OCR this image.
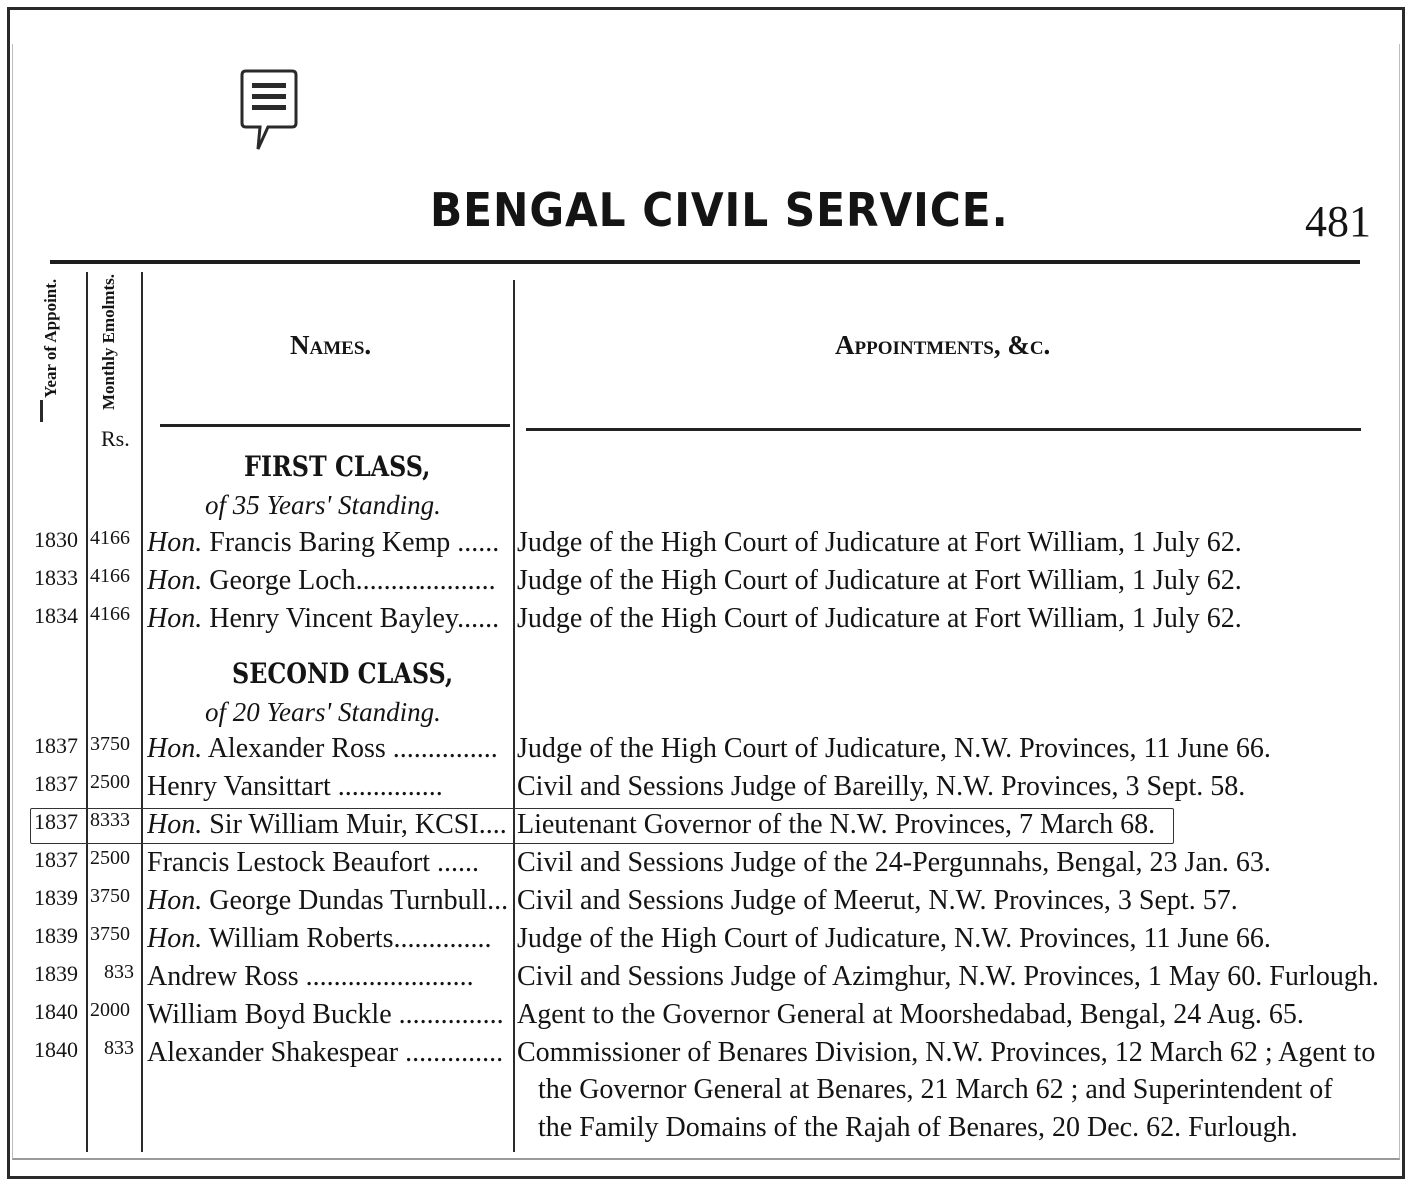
BENGAL CIVIL SERVICE.	481
Year of Appoint. Monthly Emolmts.
Rs.
Names.	Appointments, &c.
FIRST CLASS,
of 35 Years' Standing.
SECOND CLASS,
of 20 Years' Standing.
1830 4166 Hon. Francis Baring Kemp ...... Judge of the High Court of Judicature at Fort William, 1 July 62.
1833 4166 Hon. George Loch.................... Judge of the High Court of Judicature at Fort William, 1 July 62.
1834 4166 Hon. Henry Vincent Bayley...... Judge of the High Court of Judicature at Fort William, 1 July 62.
1837 3750 Hon. Alexander Ross ............... Judge of the High Court of Judicature, N.W. Provinces, 11 June 66.
1837 2500 Henry Vansittart ...............	Civil and Sessions Judge of Bareilly, N.W. Provinces, 3 Sept. 58.
1837 8333 Hon. Sir William Muir, KCSI.... Lieutenant Governor of the N.W. Provinces, 7 March 68.
1837 2500 Francis Lestock Beaufort ......	Civil and Sessions Judge of the 24-Pergunnahs, Bengal, 23 Jan. 63.
1839 3750 Hon. George Dundas Turnbull... Civil and Sessions Judge of Meerut, N.W. Provinces, 3 Sept. 57.
1839 3750 Hon. William Roberts.............. Judge of the High Court of Judicature, N.W. Provinces, 11 June 66.
1839 833 Andrew Ross ........................	Civil and Sessions Judge of Azimghur, N.W. Provinces, 1 May 60. Furlough.
1840 2000 William Boyd Buckle ............... Agent to the Governor General at Moorshedabad, Bengal, 24 Aug. 65.
1840 833 Alexander Shakespear .............. Commissioner of Benares Division, N.W. Provinces, 12 March 62 ; Agent to
the Governor General at Benares, 21 March 62 ; and Superintendent of
the Family Domains of the Rajah of Benares, 20 Dec. 62. Furlough.
